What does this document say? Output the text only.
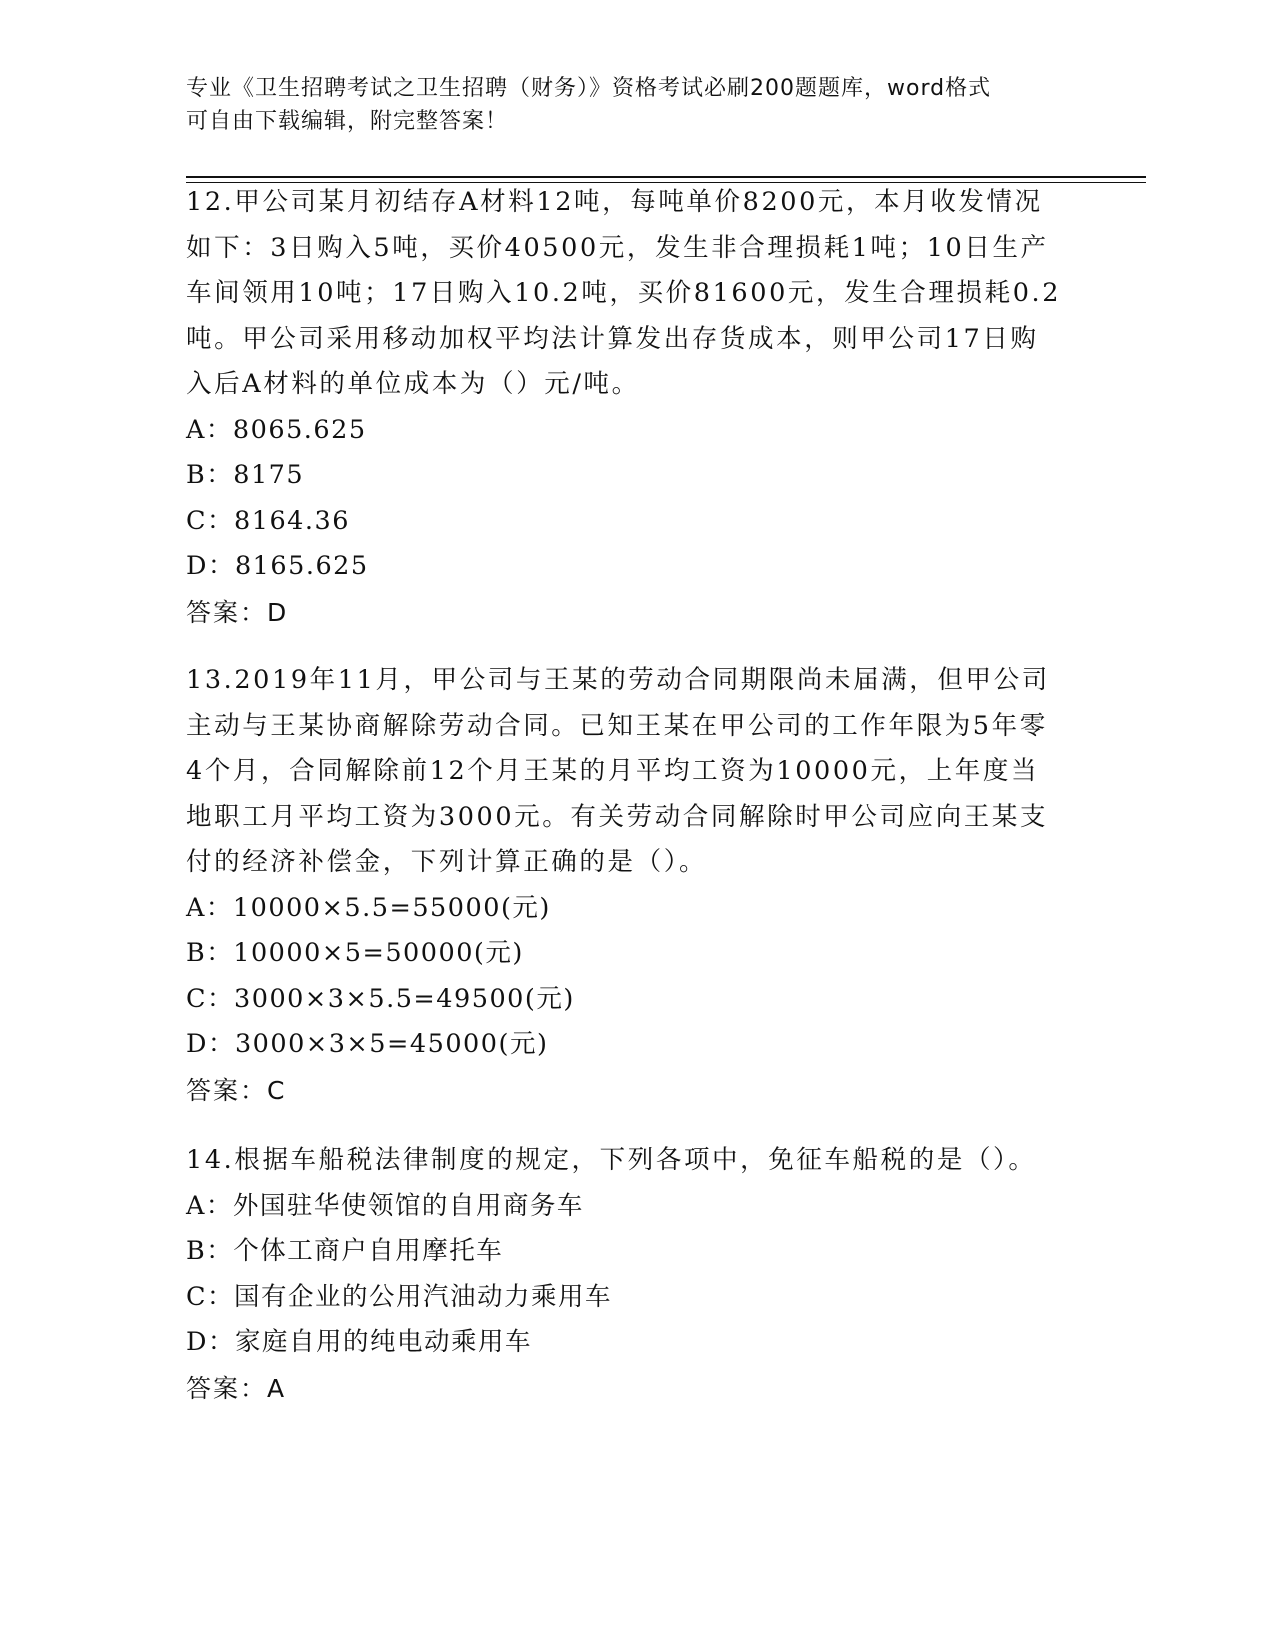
专业《卫生招聘考试之卫生招聘（财务）》资格考试必刷200题题库，word格式
可自由下载编辑，附完整答案！

12.甲公司某月初结存A材料12吨，每吨单价8200元，本月收发情况如下：3日购入5吨，买价40500元，发生非合理损耗1吨；10日生产车间领用10吨；17日购入10.2吨，买价81600元，发生合理损耗0.2吨。甲公司采用移动加权平均法计算发出存货成本，则甲公司17日购入后A材料的单位成本为（）元/吨。

A：8065.625

B：8175

C：8164.36

D：8165.625

答案：D

13.2019年11月，甲公司与王某的劳动合同期限尚未届满，但甲公司主动与王某协商解除劳动合同。已知王某在甲公司的工作年限为5年零4个月，合同解除前12个月王某的月平均工资为10000元，上年度当地职工月平均工资为3000元。有关劳动合同解除时甲公司应向王某支付的经济补偿金，下列计算正确的是（）。

A：10000×5.5=55000(元)

B：10000×5=50000(元)

C：3000×3×5.5=49500(元)

D：3000×3×5=45000(元)

答案：C

14.根据车船税法律制度的规定，下列各项中，免征车船税的是（）。

A：外国驻华使领馆的自用商务车

B：个体工商户自用摩托车

C：国有企业的公用汽油动力乘用车

D：家庭自用的纯电动乘用车

答案：A
